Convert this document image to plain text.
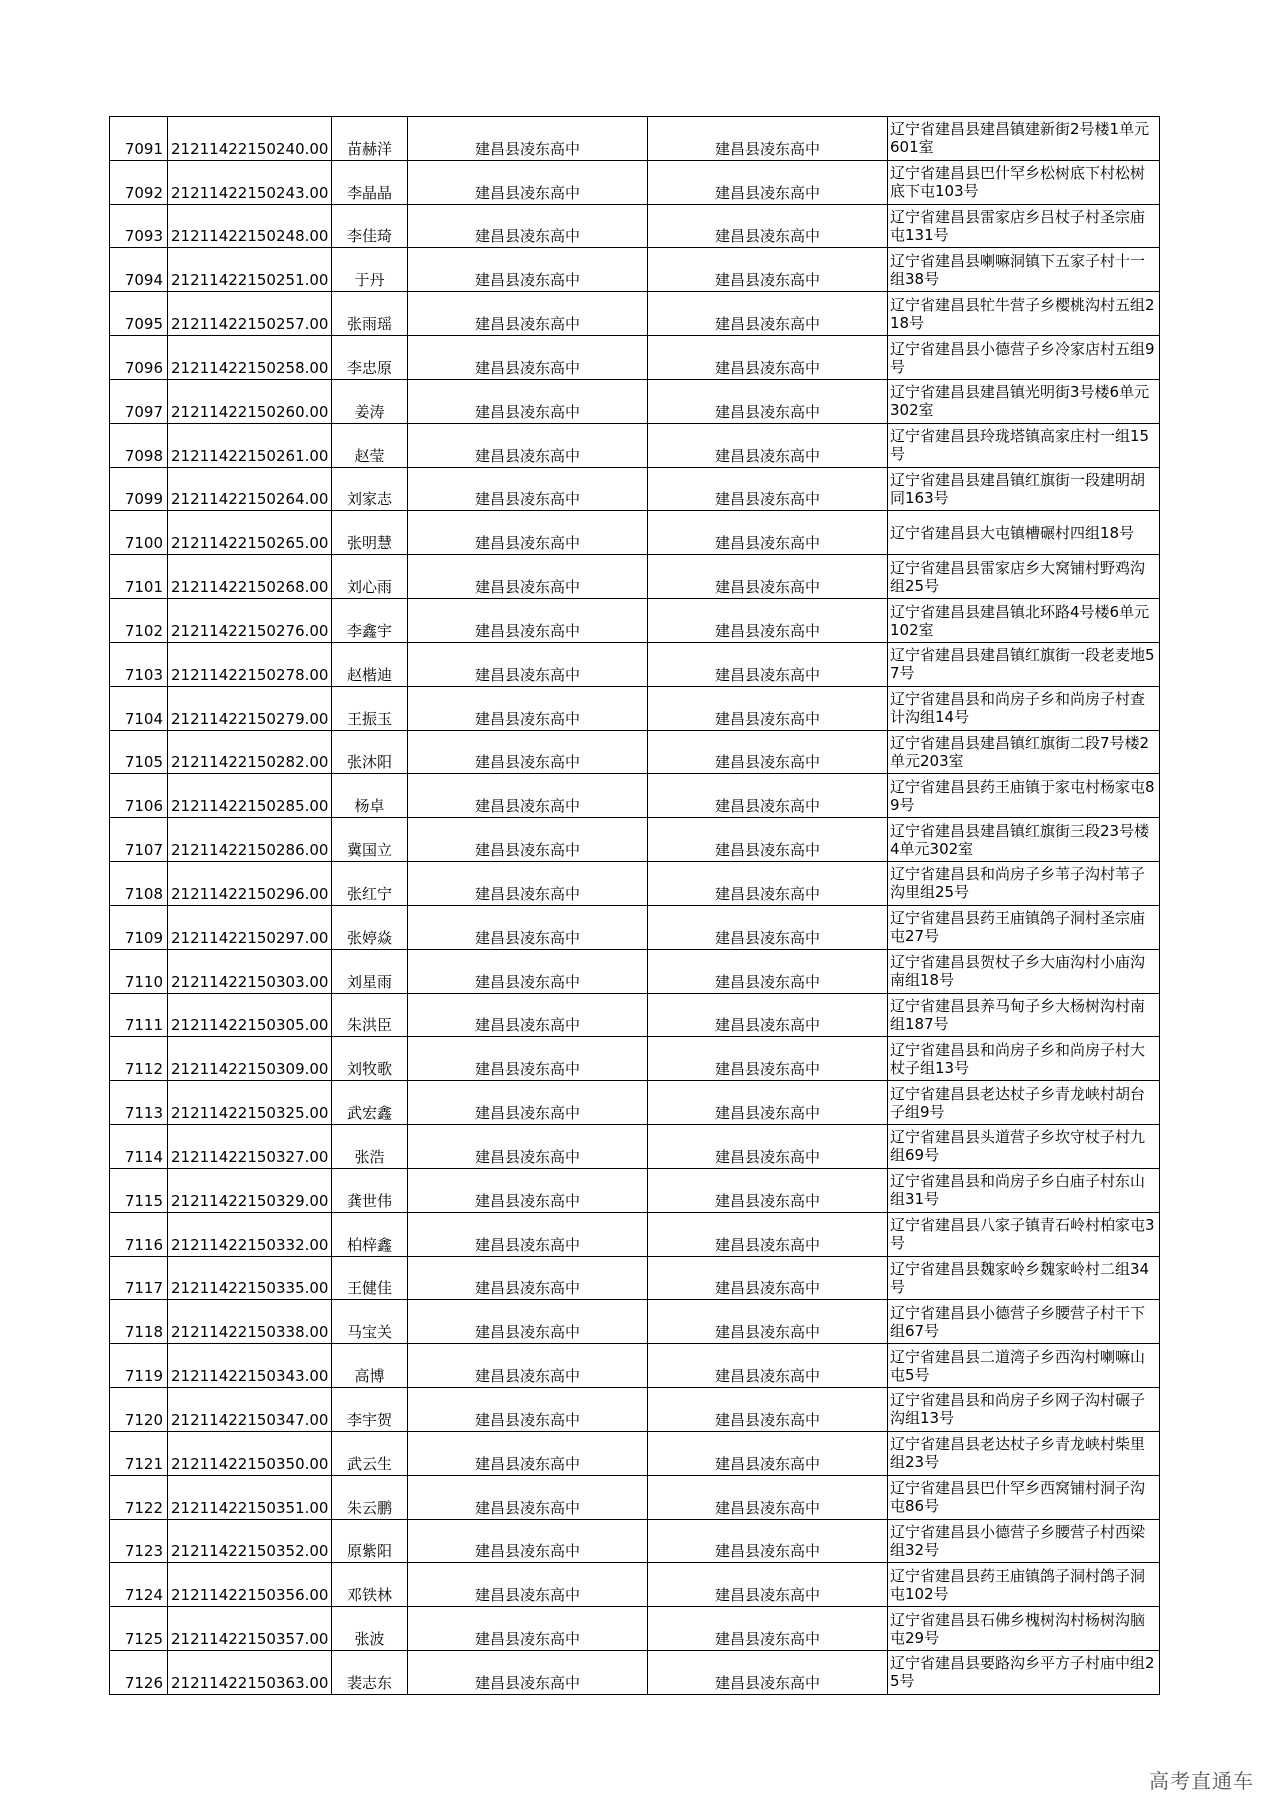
7091	21211422150240.00	苗赫洋	建昌县凌东高中	建昌县凌东高中	辽宁省建昌县建昌镇建新街2号楼1单元601室
7092	21211422150243.00	李晶晶	建昌县凌东高中	建昌县凌东高中	辽宁省建昌县巴什罕乡松树底下村松树底下屯103号
7093	21211422150248.00	李佳琦	建昌县凌东高中	建昌县凌东高中	辽宁省建昌县雷家店乡吕杖子村圣宗庙屯131号
7094	21211422150251.00	于丹	建昌县凌东高中	建昌县凌东高中	辽宁省建昌县喇嘛洞镇下五家子村十一组38号
7095	21211422150257.00	张雨瑶	建昌县凌东高中	建昌县凌东高中	辽宁省建昌县牤牛营子乡樱桃沟村五组218号
7096	21211422150258.00	李忠原	建昌县凌东高中	建昌县凌东高中	辽宁省建昌县小德营子乡冷家店村五组9号
7097	21211422150260.00	姜涛	建昌县凌东高中	建昌县凌东高中	辽宁省建昌县建昌镇光明街3号楼6单元302室
7098	21211422150261.00	赵莹	建昌县凌东高中	建昌县凌东高中	辽宁省建昌县玲珑塔镇高家庄村一组15号
7099	21211422150264.00	刘家志	建昌县凌东高中	建昌县凌东高中	辽宁省建昌县建昌镇红旗街一段建明胡同163号
7100	21211422150265.00	张明慧	建昌县凌东高中	建昌县凌东高中	辽宁省建昌县大屯镇槽碾村四组18号
7101	21211422150268.00	刘心雨	建昌县凌东高中	建昌县凌东高中	辽宁省建昌县雷家店乡大窝铺村野鸡沟组25号
7102	21211422150276.00	李鑫宇	建昌县凌东高中	建昌县凌东高中	辽宁省建昌县建昌镇北环路4号楼6单元102室
7103	21211422150278.00	赵楷迪	建昌县凌东高中	建昌县凌东高中	辽宁省建昌县建昌镇红旗街一段老麦地57号
7104	21211422150279.00	王振玉	建昌县凌东高中	建昌县凌东高中	辽宁省建昌县和尚房子乡和尚房子村查计沟组14号
7105	21211422150282.00	张沐阳	建昌县凌东高中	建昌县凌东高中	辽宁省建昌县建昌镇红旗街二段7号楼2单元203室
7106	21211422150285.00	杨卓	建昌县凌东高中	建昌县凌东高中	辽宁省建昌县药王庙镇于家屯村杨家屯89号
7107	21211422150286.00	冀国立	建昌县凌东高中	建昌县凌东高中	辽宁省建昌县建昌镇红旗街三段23号楼4单元302室
7108	21211422150296.00	张红宁	建昌县凌东高中	建昌县凌东高中	辽宁省建昌县和尚房子乡苇子沟村苇子沟里组25号
7109	21211422150297.00	张婷焱	建昌县凌东高中	建昌县凌东高中	辽宁省建昌县药王庙镇鸽子洞村圣宗庙屯27号
7110	21211422150303.00	刘星雨	建昌县凌东高中	建昌县凌东高中	辽宁省建昌县贺杖子乡大庙沟村小庙沟南组18号
7111	21211422150305.00	朱洪臣	建昌县凌东高中	建昌县凌东高中	辽宁省建昌县养马甸子乡大杨树沟村南组187号
7112	21211422150309.00	刘牧歌	建昌县凌东高中	建昌县凌东高中	辽宁省建昌县和尚房子乡和尚房子村大杖子组13号
7113	21211422150325.00	武宏鑫	建昌县凌东高中	建昌县凌东高中	辽宁省建昌县老达杖子乡青龙峡村胡台子组9号
7114	21211422150327.00	张浩	建昌县凌东高中	建昌县凌东高中	辽宁省建昌县头道营子乡坎守杖子村九组69号
7115	21211422150329.00	龚世伟	建昌县凌东高中	建昌县凌东高中	辽宁省建昌县和尚房子乡白庙子村东山组31号
7116	21211422150332.00	柏梓鑫	建昌县凌东高中	建昌县凌东高中	辽宁省建昌县八家子镇青石岭村柏家屯3号
7117	21211422150335.00	王健佳	建昌县凌东高中	建昌县凌东高中	辽宁省建昌县魏家岭乡魏家岭村二组34号
7118	21211422150338.00	马宝关	建昌县凌东高中	建昌县凌东高中	辽宁省建昌县小德营子乡腰营子村干下组67号
7119	21211422150343.00	高博	建昌县凌东高中	建昌县凌东高中	辽宁省建昌县二道湾子乡西沟村喇嘛山屯5号
7120	21211422150347.00	李宇贺	建昌县凌东高中	建昌县凌东高中	辽宁省建昌县和尚房子乡网子沟村碾子沟组13号
7121	21211422150350.00	武云生	建昌县凌东高中	建昌县凌东高中	辽宁省建昌县老达杖子乡青龙峡村柴里组23号
7122	21211422150351.00	朱云鹏	建昌县凌东高中	建昌县凌东高中	辽宁省建昌县巴什罕乡西窝铺村洞子沟屯86号
7123	21211422150352.00	原紫阳	建昌县凌东高中	建昌县凌东高中	辽宁省建昌县小德营子乡腰营子村西梁组32号
7124	21211422150356.00	邓铁林	建昌县凌东高中	建昌县凌东高中	辽宁省建昌县药王庙镇鸽子洞村鸽子洞屯102号
7125	21211422150357.00	张波	建昌县凌东高中	建昌县凌东高中	辽宁省建昌县石佛乡槐树沟村杨树沟脑屯29号
7126	21211422150363.00	裴志东	建昌县凌东高中	建昌县凌东高中	辽宁省建昌县要路沟乡平方子村庙中组25号
高考直通车
